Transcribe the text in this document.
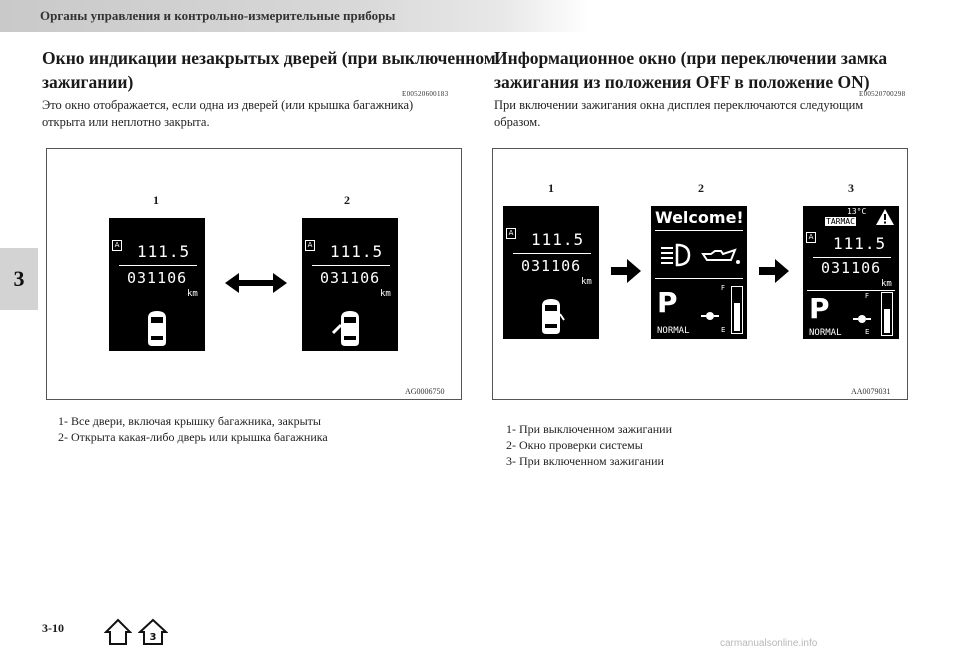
Органы управления и контрольно-измерительные приборы
3
Окно индикации незакрытых дверей (при выключенном
зажигании)
E00520600183
Это окно отображается, если одна из дверей (или крышка багажника)
открыта или неплотно закрыта.
1	2
A 111.5
031106
km
A 111.5
031106
km
AG0006750
1- Все двери, включая крышку багажника, закрыты
2- Открыта какая-либо дверь или крышка багажника
Информационное окно (при переключении замка
зажигания из положения OFF в положение ON)
E00520700298
При включении зажигания окна дисплея переключаются следующим
образом.
1	2	3
A 111.5
031106
km
Welcome!
P	F
E
NORMAL
13°C
TARMAC
A 111.5
031106
km
P	F
E
NORMAL
AA0079031
1- При выключенном зажигании
2- Окно проверки системы
3- При включенном зажигании
3-10
3
carmanualsonline.info
